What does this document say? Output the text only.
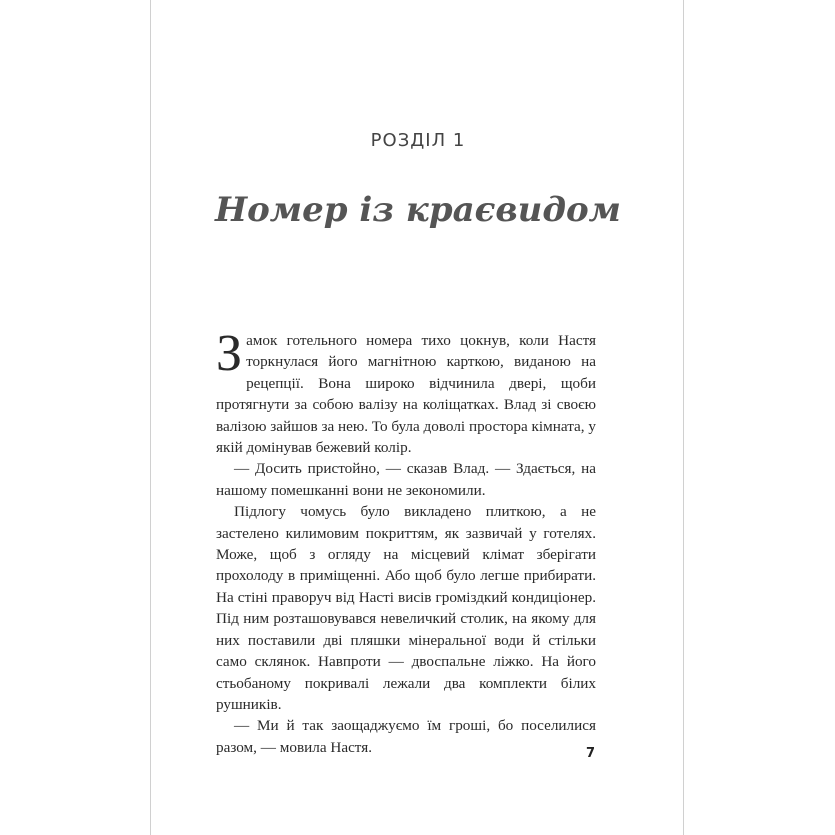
РОЗДІЛ 1
Номер із краєвидом

Замок готельного номера тихо цокнув, коли Настя торкнулася його магнітною карткою, виданою на рецепції. Вона широко відчинила двері, щоби протягнути за собою валізу на коліщатках. Влад зі своєю валізою зайшов за нею. То була доволі простора кімната, у якій домінував бежевий колір.

— Досить пристойно, — сказав Влад. — Здається, на нашому помешканні вони не зекономили.

Підлогу чомусь було викладено плиткою, а не застелено килимовим покриттям, як зазвичай у готелях. Може, щоб з огляду на місцевий клімат зберігати прохолоду в приміщенні. Або щоб було легше прибирати. На стіні праворуч від Насті висів громіздкий кондиціонер. Під ним розташовувався невеличкий столик, на якому для них поставили дві пляшки мінеральної води й стільки само склянок. Навпроти — двоспальне ліжко. На його стьобаному покривалі лежали два комплекти білих рушників.

— Ми й так заощаджуємо їм гроші, бо поселилися разом, — мовила Настя.	7
